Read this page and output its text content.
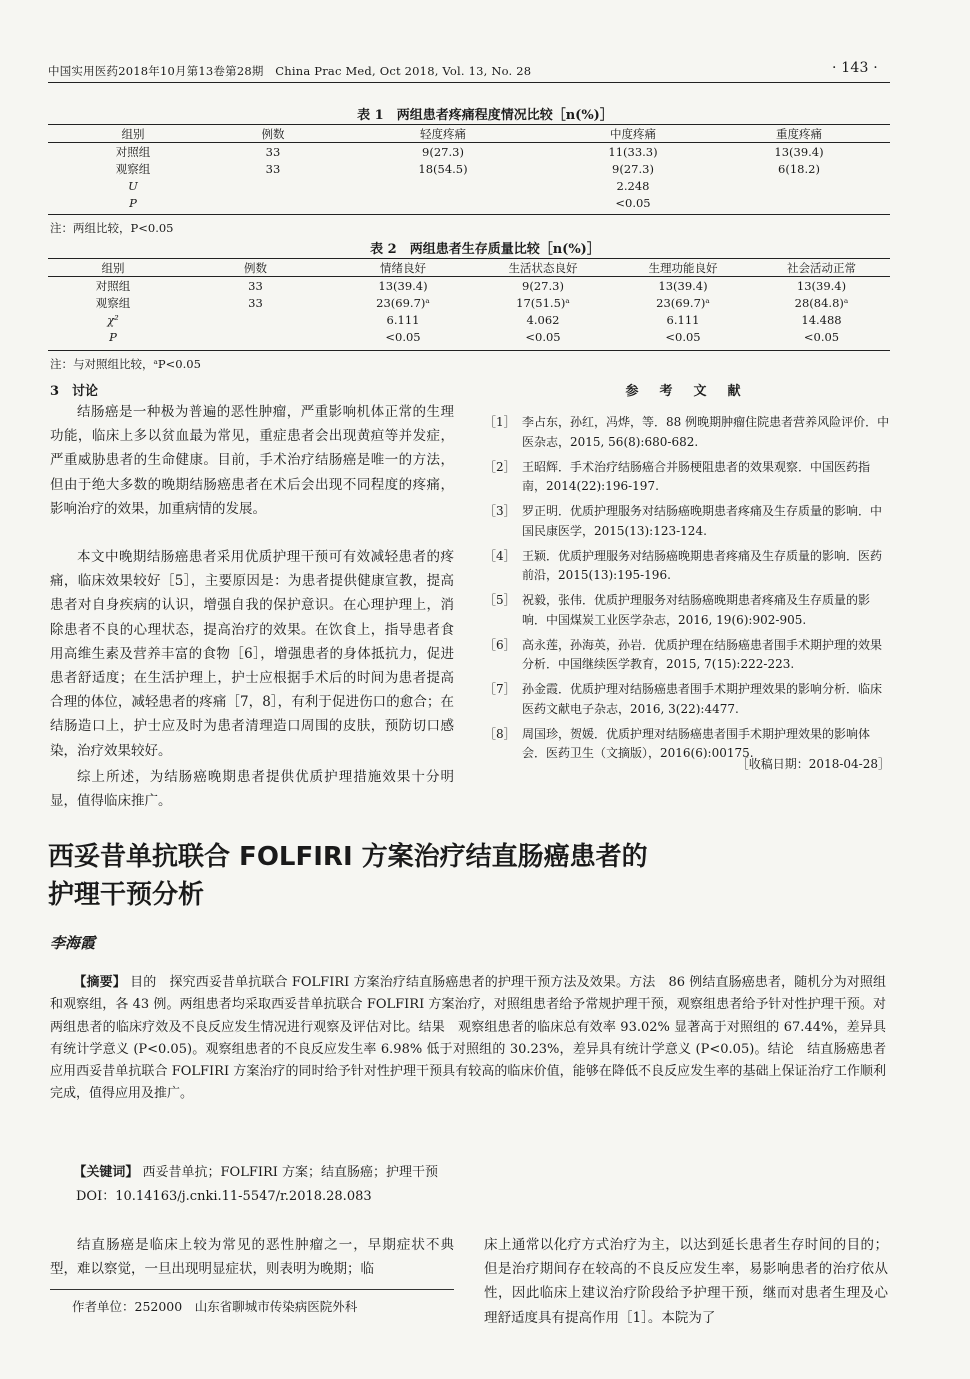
中国实用医药2018年10月第13卷第28期　China Prac Med, Oct 2018, Vol. 13, No. 28	· 143 ·
表 1　两组患者疼痛程度情况比较［n(%)］
组别	例数	轻度疼痛	中度疼痛	重度疼痛
对照组	33	9(27.3)	11(33.3)	13(39.4)
观察组	33	18(54.5)	9(27.3)	6(18.2)
U			2.248	
P			<0.05	
注：两组比较，P<0.05
表 2　两组患者生存质量比较［n(%)］
组别	例数	情绪良好	生活状态良好	生理功能良好	社会活动正常
对照组	33	13(39.4)	9(27.3)	13(39.4)	13(39.4)
观察组	33	23(69.7)ᵃ	17(51.5)ᵃ	23(69.7)ᵃ	28(84.8)ᵃ
χ²		6.111	4.062	6.111	14.488
P		<0.05	<0.05	<0.05	<0.05
注：与对照组比较，ᵃP<0.05
3　讨论
结肠癌是一种极为普遍的恶性肿瘤，严重影响机体正常的生理功能，临床上多以贫血最为常见，重症患者会出现黄疸等并发症，严重威胁患者的生命健康。目前，手术治疗结肠癌是唯一的方法，但由于绝大多数的晚期结肠癌患者在术后会出现不同程度的疼痛，影响治疗的效果，加重病情的发展。
本文中晚期结肠癌患者采用优质护理干预可有效减轻患者的疼痛，临床效果较好［5］，主要原因是：为患者提供健康宣教，提高患者对自身疾病的认识，增强自我的保护意识。在心理护理上，消除患者不良的心理状态，提高治疗的效果。在饮食上，指导患者食用高维生素及营养丰富的食物［6］，增强患者的身体抵抗力，促进患者舒适度；在生活护理上，护士应根据手术后的时间为患者提高合理的体位，减轻患者的疼痛［7，8］，有利于促进伤口的愈合；在结肠造口上，护士应及时为患者清理造口周围的皮肤，预防切口感染，治疗效果较好。
综上所述，为结肠癌晚期患者提供优质护理措施效果十分明显，值得临床推广。
参　考　文　献
［1］ 李占东，孙红，冯烨，等．88 例晚期肿瘤住院患者营养风险评价．中医杂志，2015, 56(8):680-682.
［2］ 王昭辉．手术治疗结肠癌合并肠梗阻患者的效果观察．中国医药指南，2014(22):196-197.
［3］ 罗正明．优质护理服务对结肠癌晚期患者疼痛及生存质量的影响．中国民康医学，2015(13):123-124.
［4］ 王颖．优质护理服务对结肠癌晚期患者疼痛及生存质量的影响．医药前沿，2015(13):195-196.
［5］ 祝毅，张伟．优质护理服务对结肠癌晚期患者疼痛及生存质量的影响．中国煤炭工业医学杂志，2016, 19(6):902-905.
［6］ 高永莲，孙海英，孙岩．优质护理在结肠癌患者围手术期护理的效果分析．中国继续医学教育，2015, 7(15):222-223.
［7］ 孙金霞．优质护理对结肠癌患者围手术期护理效果的影响分析．临床医药文献电子杂志，2016, 3(22):4477.
［8］ 周国珍，贺媛．优质护理对结肠癌患者围手术期护理效果的影响体会．医药卫生（文摘版），2016(6):00175.
［收稿日期：2018-04-28］
西妥昔单抗联合 FOLFIRI 方案治疗结直肠癌患者的
护理干预分析
李海霞
【摘要】 目的　探究西妥昔单抗联合 FOLFIRI 方案治疗结直肠癌患者的护理干预方法及效果。方法　86 例结直肠癌患者，随机分为对照组和观察组，各 43 例。两组患者均采取西妥昔单抗联合 FOLFIRI 方案治疗，对照组患者给予常规护理干预，观察组患者给予针对性护理干预。对两组患者的临床疗效及不良反应发生情况进行观察及评估对比。结果　观察组患者的临床总有效率 93.02% 显著高于对照组的 67.44%，差异具有统计学意义 (P<0.05)。观察组患者的不良反应发生率 6.98% 低于对照组的 30.23%，差异具有统计学意义 (P<0.05)。结论　结直肠癌患者应用西妥昔单抗联合 FOLFIRI 方案治疗的同时给予针对性护理干预具有较高的临床价值，能够在降低不良反应发生率的基础上保证治疗工作顺利完成，值得应用及推广。
【关键词】 西妥昔单抗；FOLFIRI 方案；结直肠癌；护理干预
DOI：10.14163/j.cnki.11-5547/r.2018.28.083
结直肠癌是临床上较为常见的恶性肿瘤之一，早期症状不典型，难以察觉，一旦出现明显症状，则表明为晚期；临
作者单位：252000　山东省聊城市传染病医院外科
床上通常以化疗方式治疗为主，以达到延长患者生存时间的目的；但是治疗期间存在较高的不良反应发生率，易影响患者的治疗依从性，因此临床上建议治疗阶段给予护理干预，继而对患者生理及心理舒适度具有提高作用［1］。本院为了
